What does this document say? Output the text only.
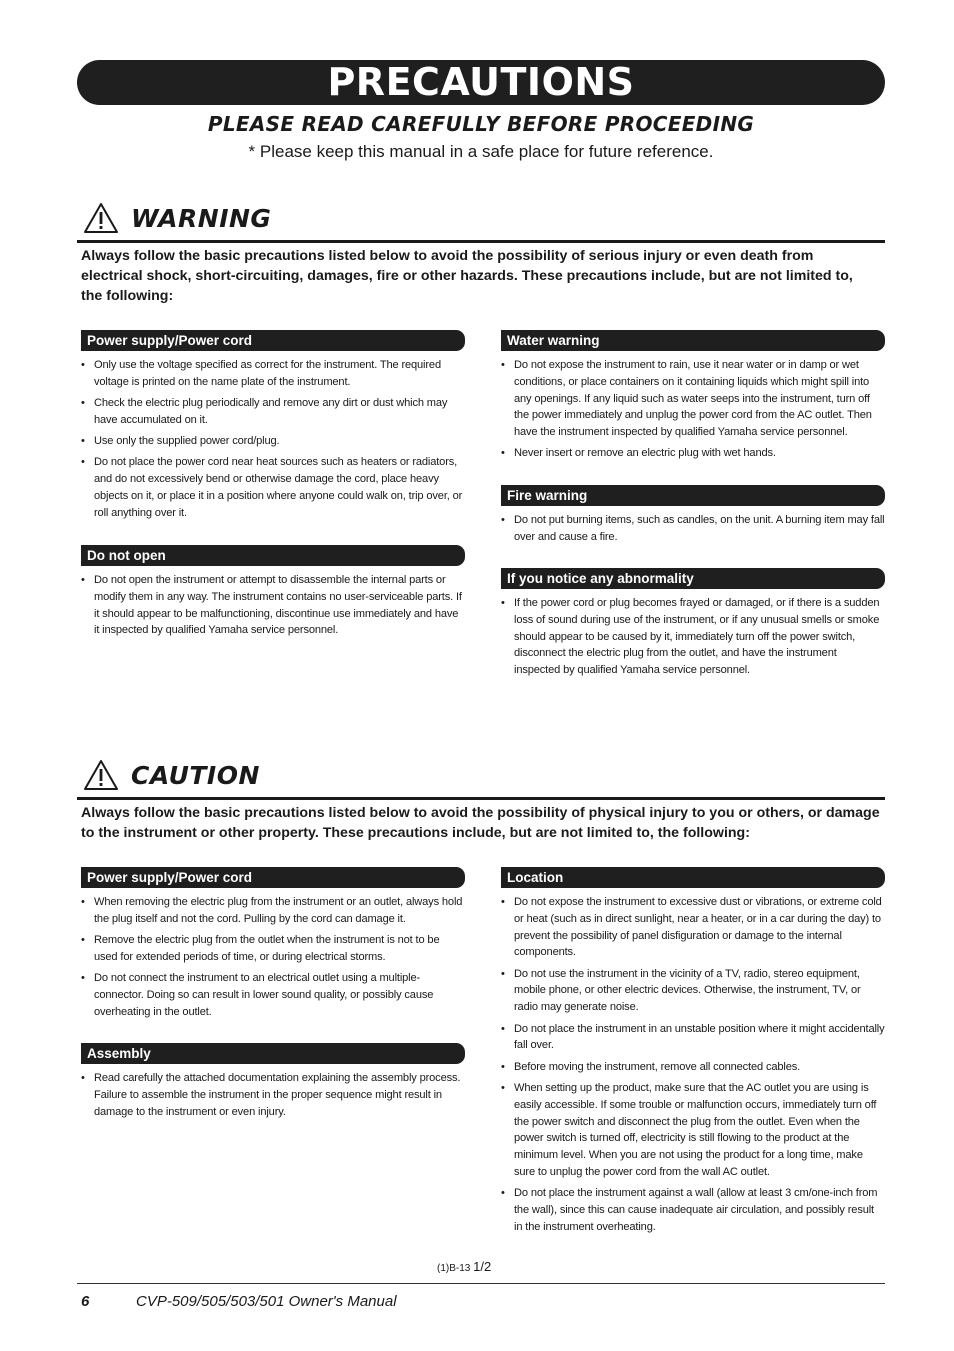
PRECAUTIONS
PLEASE READ CAREFULLY BEFORE PROCEEDING
* Please keep this manual in a safe place for future reference.
WARNING
Always follow the basic precautions listed below to avoid the possibility of serious injury or even death from
electrical shock, short-circuiting, damages, fire or other hazards. These precautions include, but are not limited to,
the following:
Power supply/Power cord
• Only use the voltage specified as correct for the instrument. The required voltage is printed on the name plate of the instrument.
• Check the electric plug periodically and remove any dirt or dust which may have accumulated on it.
• Use only the supplied power cord/plug.
• Do not place the power cord near heat sources such as heaters or radiators, and do not excessively bend or otherwise damage the cord, place heavy objects on it, or place it in a position where anyone could walk on, trip over, or roll anything over it.
Do not open
• Do not open the instrument or attempt to disassemble the internal parts or modify them in any way. The instrument contains no user-serviceable parts. If it should appear to be malfunctioning, discontinue use immediately and have it inspected by qualified Yamaha service personnel.
Water warning
• Do not expose the instrument to rain, use it near water or in damp or wet conditions, or place containers on it containing liquids which might spill into any openings. If any liquid such as water seeps into the instrument, turn off the power immediately and unplug the power cord from the AC outlet. Then have the instrument inspected by qualified Yamaha service personnel.
• Never insert or remove an electric plug with wet hands.
Fire warning
• Do not put burning items, such as candles, on the unit. A burning item may fall over and cause a fire.
If you notice any abnormality
• If the power cord or plug becomes frayed or damaged, or if there is a sudden loss of sound during use of the instrument, or if any unusual smells or smoke should appear to be caused by it, immediately turn off the power switch, disconnect the electric plug from the outlet, and have the instrument inspected by qualified Yamaha service personnel.
CAUTION
Always follow the basic precautions listed below to avoid the possibility of physical injury to you or others, or damage
to the instrument or other property. These precautions include, but are not limited to, the following:
Power supply/Power cord
• When removing the electric plug from the instrument or an outlet, always hold the plug itself and not the cord. Pulling by the cord can damage it.
• Remove the electric plug from the outlet when the instrument is not to be used for extended periods of time, or during electrical storms.
• Do not connect the instrument to an electrical outlet using a multiple-connector. Doing so can result in lower sound quality, or possibly cause overheating in the outlet.
Assembly
• Read carefully the attached documentation explaining the assembly process. Failure to assemble the instrument in the proper sequence might result in damage to the instrument or even injury.
Location
• Do not expose the instrument to excessive dust or vibrations, or extreme cold or heat (such as in direct sunlight, near a heater, or in a car during the day) to prevent the possibility of panel disfiguration or damage to the internal components.
• Do not use the instrument in the vicinity of a TV, radio, stereo equipment, mobile phone, or other electric devices. Otherwise, the instrument, TV, or radio may generate noise.
• Do not place the instrument in an unstable position where it might accidentally fall over.
• Before moving the instrument, remove all connected cables.
• When setting up the product, make sure that the AC outlet you are using is easily accessible. If some trouble or malfunction occurs, immediately turn off the power switch and disconnect the plug from the outlet. Even when the power switch is turned off, electricity is still flowing to the product at the minimum level. When you are not using the product for a long time, make sure to unplug the power cord from the wall AC outlet.
• Do not place the instrument against a wall (allow at least 3 cm/one-inch from the wall), since this can cause inadequate air circulation, and possibly result in the instrument overheating.
(1)B-13 1/2
6	CVP-509/505/503/501 Owner's Manual
